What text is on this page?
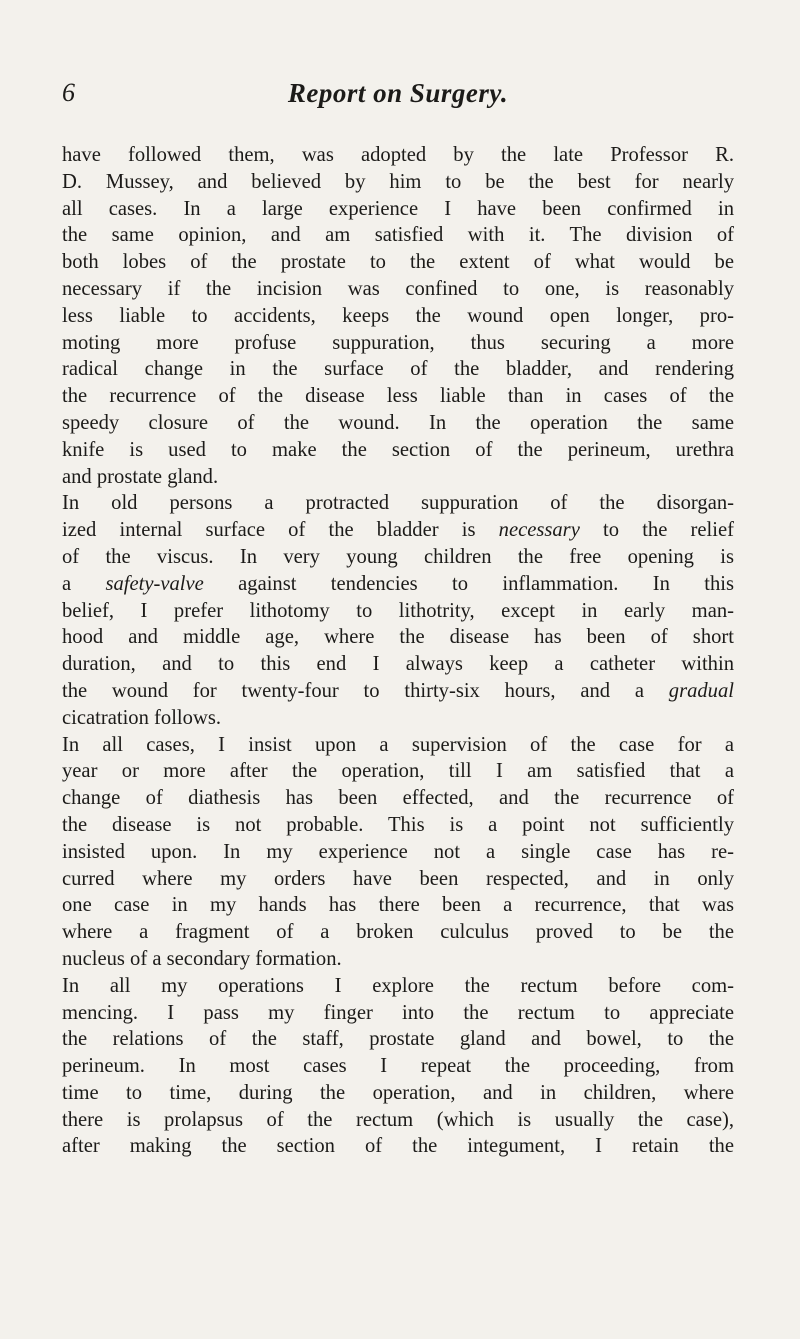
6	Report on Surgery.
have followed them, was adopted by the late Professor R.
D. Mussey, and believed by him to be the best for nearly
all cases. In a large experience I have been confirmed in
the same opinion, and am satisfied with it. The division of
both lobes of the prostate to the extent of what would be
necessary if the incision was confined to one, is reasonably
less liable to accidents, keeps the wound open longer, pro-
moting more profuse suppuration, thus securing a more
radical change in the surface of the bladder, and rendering
the recurrence of the disease less liable than in cases of the
speedy closure of the wound. In the operation the same
knife is used to make the section of the perineum, urethra
and prostate gland.
In old persons a protracted suppuration of the disorgan-
ized internal surface of the bladder is necessary to the relief
of the viscus. In very young children the free opening is
a safety-valve against tendencies to inflammation. In this
belief, I prefer lithotomy to lithotrity, except in early man-
hood and middle age, where the disease has been of short
duration, and to this end I always keep a catheter within
the wound for twenty-four to thirty-six hours, and a gradual
cicatration follows.
In all cases, I insist upon a supervision of the case for a
year or more after the operation, till I am satisfied that a
change of diathesis has been effected, and the recurrence of
the disease is not probable. This is a point not sufficiently
insisted upon. In my experience not a single case has re-
curred where my orders have been respected, and in only
one case in my hands has there been a recurrence, that was
where a fragment of a broken culculus proved to be the
nucleus of a secondary formation.
In all my operations I explore the rectum before com-
mencing. I pass my finger into the rectum to appreciate
the relations of the staff, prostate gland and bowel, to the
perineum. In most cases I repeat the proceeding, from
time to time, during the operation, and in children, where
there is prolapsus of the rectum (which is usually the case),
after making the section of the integument, I retain the
